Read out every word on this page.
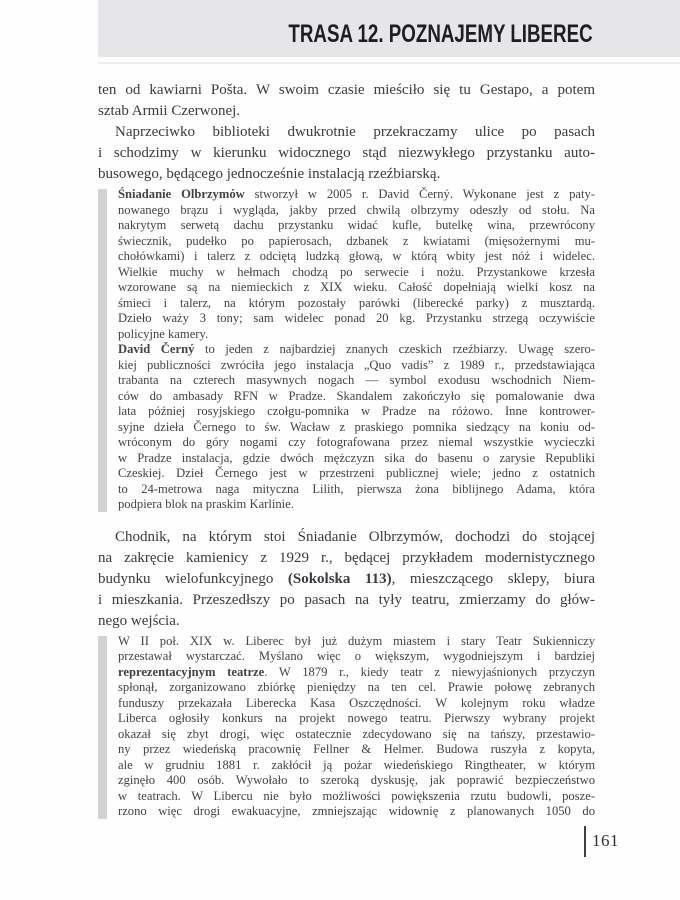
TRASA 12. POZNAJEMY LIBEREC
ten od kawiarni Pošta. W swoim czasie mieściło się tu Gestapo, a potem
sztab Armii Czerwonej.
Naprzeciwko biblioteki dwukrotnie przekraczamy ulice po pasach
i schodzimy w kierunku widocznego stąd niezwykłego przystanku auto-
busowego, będącego jednocześnie instalacją rzeźbiarską.
Śniadanie Olbrzymów stworzył w 2005 r. David Černý. Wykonane jest z paty-
nowanego brązu i wygląda, jakby przed chwilą olbrzymy odeszły od stołu. Na
nakrytym serwetą dachu przystanku widać kufle, butelkę wina, przewrócony
świecznik, pudełko po papierosach, dzbanek z kwiatami (mięsożernymi mu-
chołówkami) i talerz z odciętą ludzką głową, w którą wbity jest nóż i widelec.
Wielkie muchy w hełmach chodzą po serwecie i nożu. Przystankowe krzesła
wzorowane są na niemieckich z XIX wieku. Całość dopełniają wielki kosz na
śmieci i talerz, na którym pozostały parówki (liberecké parky) z musztardą.
Dzieło waży 3 tony; sam widelec ponad 20 kg. Przystanku strzegą oczywiście
policyjne kamery.
David Černý to jeden z najbardziej znanych czeskich rzeźbiarzy. Uwagę szero-
kiej publiczności zwróciła jego instalacja „Quo vadis” z 1989 r., przedstawiająca
trabanta na czterech masywnych nogach — symbol exodusu wschodnich Niem-
ców do ambasady RFN w Pradze. Skandalem zakończyło się pomalowanie dwa
lata później rosyjskiego czołgu-pomnika w Pradze na różowo. Inne kontrower-
syjne dzieła Černego to św. Wacław z praskiego pomnika siedzący na koniu od-
wróconym do góry nogami czy fotografowana przez niemal wszystkie wycieczki
w Pradze instalacja, gdzie dwóch mężczyzn sika do basenu o zarysie Republiki
Czeskiej. Dzieł Černego jest w przestrzeni publicznej wiele; jedno z ostatnich
to 24-metrowa naga mityczna Lilith, pierwsza żona biblijnego Adama, która
podpiera blok na praskim Karlinie.
Chodnik, na którym stoi Śniadanie Olbrzymów, dochodzi do stojącej
na zakręcie kamienicy z 1929 r., będącej przykładem modernistycznego
budynku wielofunkcyjnego (Sokolska 113), mieszczącego sklepy, biura
i mieszkania. Przeszedłszy po pasach na tyły teatru, zmierzamy do głów-
nego wejścia.
W II poł. XIX w. Liberec był już dużym miastem i stary Teatr Sukienniczy
przestawał wystarczać. Myślano więc o większym, wygodniejszym i bardziej
reprezentacyjnym teatrze. W 1879 r., kiedy teatr z niewyjaśnionych przyczyn
spłonął, zorganizowano zbiórkę pieniędzy na ten cel. Prawie połowę zebranych
funduszy przekazała Liberecka Kasa Oszczędności. W kolejnym roku władze
Liberca ogłosiły konkurs na projekt nowego teatru. Pierwszy wybrany projekt
okazał się zbyt drogi, więc ostatecznie zdecydowano się na tańszy, przestawio-
ny przez wiedeńską pracownię Fellner & Helmer. Budowa ruszyła z kopyta,
ale w grudniu 1881 r. zakłócił ją pożar wiedeńskiego Ringtheater, w którym
zginęło 400 osób. Wywołało to szeroką dyskusję, jak poprawić bezpieczeństwo
w teatrach. W Libercu nie było możliwości powiększenia rzutu budowli, posze-
rzono więc drogi ewakuacyjne, zmniejszając widownię z planowanych 1050 do
161
